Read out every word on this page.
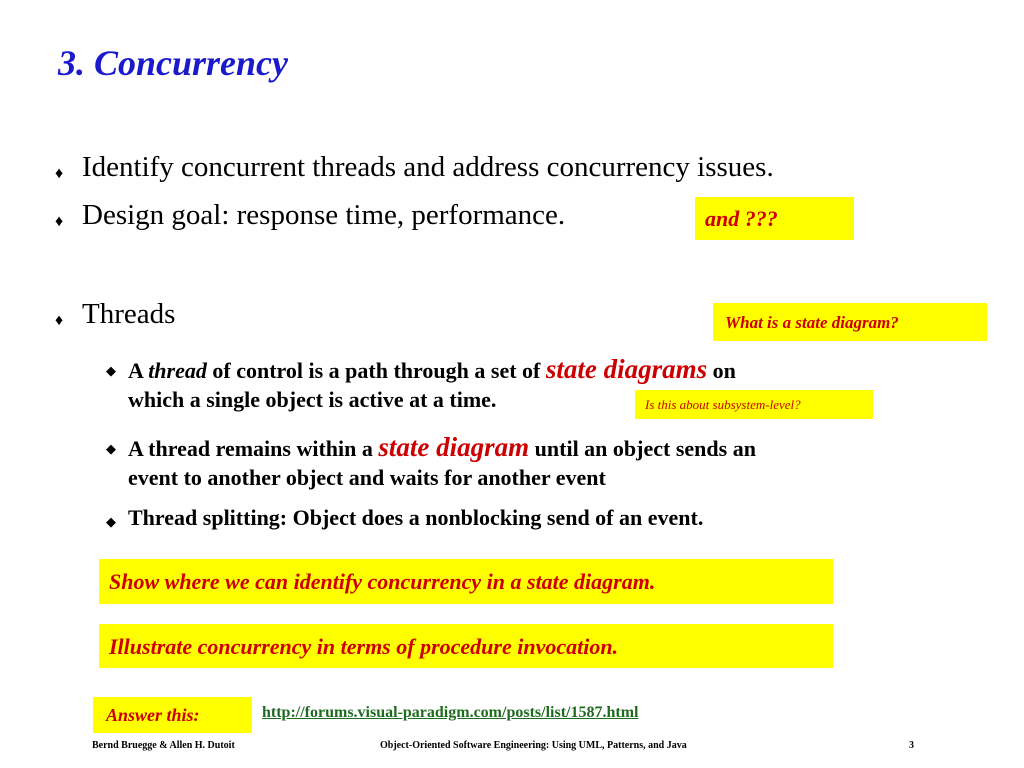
3. Concurrency
♦ Identify concurrent threads and address concurrency issues.
♦ Design goal: response time, performance.	and ???
♦ Threads	What is a state diagram?
◆ A thread of control is a path through a set of state diagrams on
which a single object is active at a time.	Is this about subsystem-level?
◆ A thread remains within a state diagram until an object sends an
event to another object and waits for another event
◆ Thread splitting: Object does a nonblocking send of an event.
Show where we can identify concurrency in a state diagram.
Illustrate concurrency in terms of procedure invocation.
Answer this:	http://forums.visual-paradigm.com/posts/list/1587.html
Bernd Bruegge & Allen H. Dutoit	Object-Oriented Software Engineering: Using UML, Patterns, and Java	3
